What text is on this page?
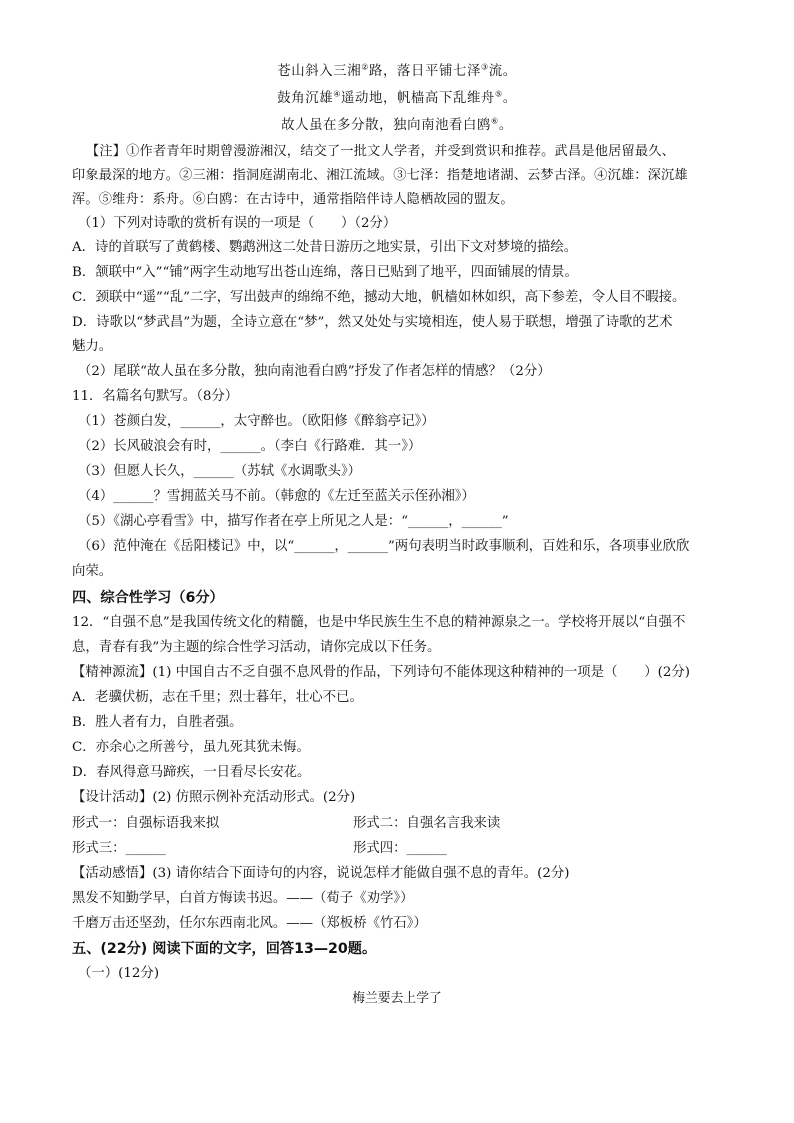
苍山斜入三湘②路，落日平铺七泽③流。
鼓角沉雄④遥动地，帆樯高下乱维舟⑤。
故人虽在多分散，独向南池看白鸥⑥。
【注】①作者青年时期曾漫游湘汉，结交了一批文人学者，并受到赏识和推荐。武昌是他居留最久、
印象最深的地方。②三湘：指洞庭湖南北、湘江流域。③七泽：指楚地诸湖、云梦古泽。④沉雄：深沉雄
浑。⑤维舟：系舟。⑥白鸥：在古诗中，通常指陪伴诗人隐栖故园的盟友。
（1）下列对诗歌的赏析有误的一项是（　　）（2分）
A．诗的首联写了黄鹤楼、鹦鹉洲这二处昔日游历之地实景，引出下文对梦境的描绘。
B．颔联中“入”“铺”两字生动地写出苍山连绵，落日已贴到了地平，四面铺展的情景。
C．颈联中“遥”“乱”二字，写出鼓声的绵绵不绝，撼动大地，帆樯如林如织，高下参差，令人目不暇接。
D．诗歌以“梦武昌”为题，全诗立意在“梦”，然又处处与实境相连，使人易于联想，增强了诗歌的艺术
魅力。
（2）尾联“故人虽在多分散，独向南池看白鸥”抒发了作者怎样的情感？（2分）
11．名篇名句默写。（8分）
（1）苍颜白发，______，太守醉也。（欧阳修《醉翁亭记》）
（2）长风破浪会有时，______。（李白《行路难．其一》）
（3）但愿人长久，______（苏轼《水调歌头》）
（4）______？雪拥蓝关马不前。（韩愈的《左迁至蓝关示侄孙湘》）
（5）《湖心亭看雪》中，描写作者在亭上所见之人是：“______，______”
（6）范仲淹在《岳阳楼记》中，以“______，______”两句表明当时政事顺利，百姓和乐，各项事业欣欣
向荣。
四、综合性学习（6分）
12．“自强不息”是我国传统文化的精髓，也是中华民族生生不息的精神源泉之一。学校将开展以“自强不
息，青春有我”为主题的综合性学习活动，请你完成以下任务。
【精神源流】(1) 中国自古不乏自强不息风骨的作品，下列诗句不能体现这种精神的一项是（　　）(2分)
A．老骥伏枥，志在千里；烈士暮年，壮心不已。
B．胜人者有力，自胜者强。
C．亦余心之所善兮，虽九死其犹未悔。
D．春风得意马蹄疾，一日看尽长安花。
【设计活动】(2) 仿照示例补充活动形式。(2分)
形式一：自强标语我来拟	形式二：自强名言我来读
形式三：______	形式四：______
【活动感悟】(3) 请你结合下面诗句的内容，说说怎样才能做自强不息的青年。(2分)
黑发不知勤学早，白首方悔读书迟。——（荀子《劝学》）
千磨万击还坚劲，任尔东西南北风。——（郑板桥《竹石》）
五、(22分) 阅读下面的文字，回答13—20题。
（一）(12分)
梅兰要去上学了
